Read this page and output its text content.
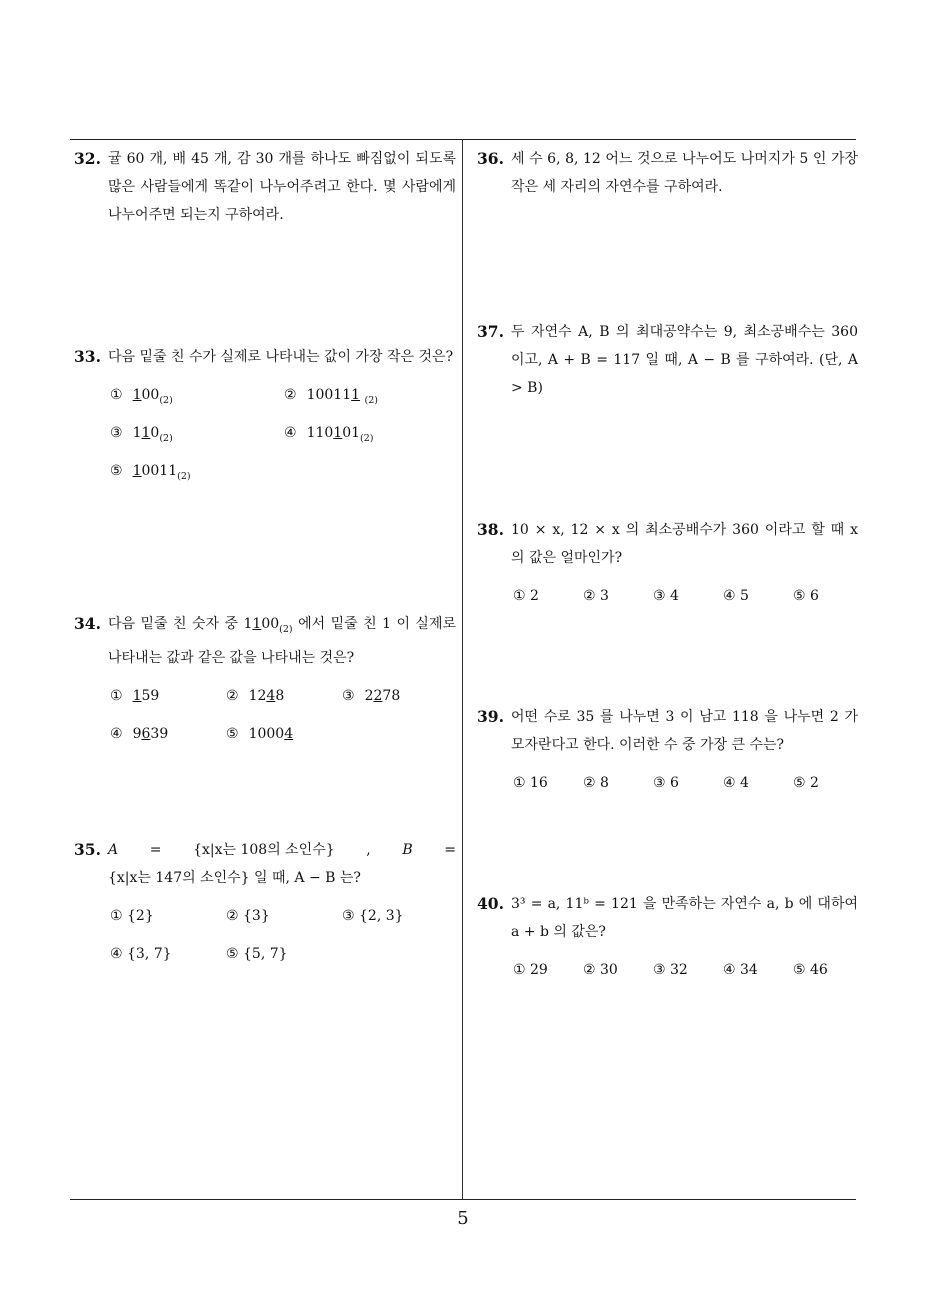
32. 귤 60 개, 배 45 개, 감 30 개를 하나도 빠짐없이 되도록 많은 사람들에게 똑같이 나누어주려고 한다. 몇 사람에게 나누어주면 되는지 구하여라.
33. 다음 밑줄 친 수가 실제로 나타내는 값이 가장 작은 것은?
① $100_{(2)}$	② 100111 $_{(2)}$
③ $110_{(2)}$	④ $110101_{(2)}$
⑤ $10011_{(2)}$
34. 다음 밑줄 친 숫자 중 $1100_{(2)}$ 에서 밑줄 친 1 이 실제로 나타내는 값과 같은 값을 나타내는 것은?
① 159	② 1248	③ 2278
④ 9639	⑤ 10004
35. A = {x|x는 108의 소인수} , B =
{x|x는 147의 소인수} 일 때, A − B 는?
① {2}	② {3}	③ {2, 3}
④ {3, 7}	⑤ {5, 7}
36. 세 수 6, 8, 12 어느 것으로 나누어도 나머지가 5 인 가장 작은 세 자리의 자연수를 구하여라.
37. 두 자연수 A, B 의 최대공약수는 9, 최소공배수는 360 이고, A + B = 117 일 때, A − B 를 구하여라. (단, A > B)
38. 10 × x, 12 × x 의 최소공배수가 360 이라고 할 때 x 의 값은 얼마인가?
① 2	② 3	③ 4	④ 5	⑤ 6
39. 어떤 수로 35 를 나누면 3 이 남고 118 을 나누면 2 가 모자란다고 한다. 이러한 수 중 가장 큰 수는?
① 16	② 8	③ 6	④ 4	⑤ 2
40. 3³ = a, 11ᵇ = 121 을 만족하는 자연수 a, b 에 대하여 a + b 의 값은?
① 29	② 30	③ 32	④ 34	⑤ 46
5
